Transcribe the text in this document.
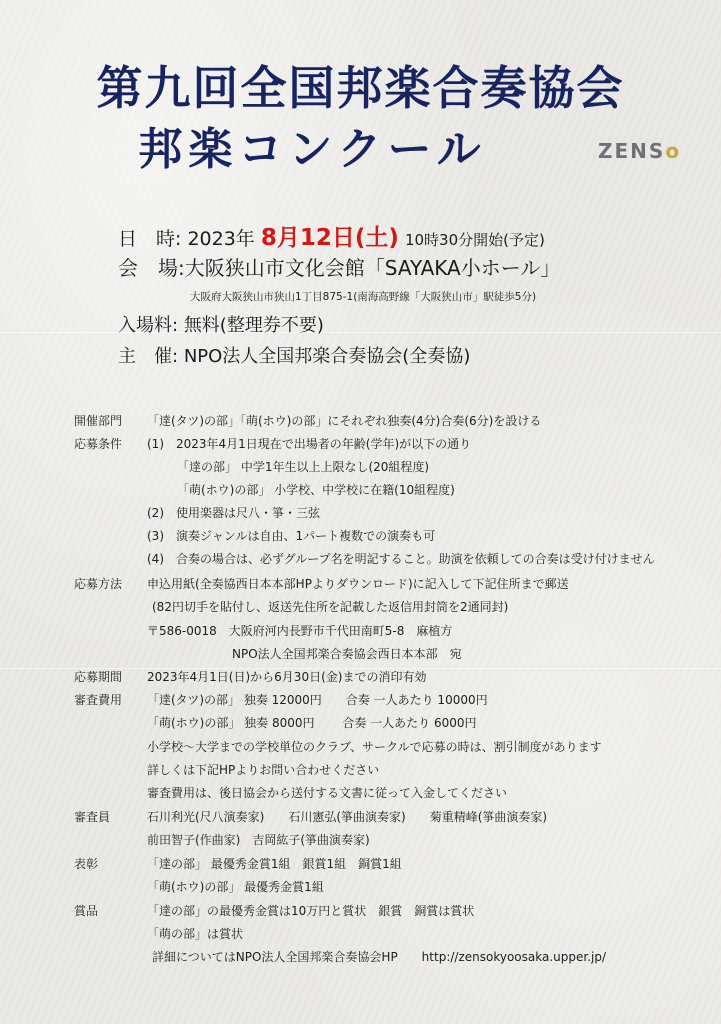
第九回全国邦楽合奏協会
邦楽コンクール	ZENSo
日　時: 2023年 8月12日(土) 10時30分開始(予定)
会　場:大阪狭山市文化会館「SAYAKA小ホール」
大阪府大阪狭山市狭山1丁目875-1(南海高野線「大阪狭山市」駅徒歩5分)
入場料: 無料(整理券不要)
主　催: NPO法人全国邦楽合奏協会(全奏協)
開催部門 「達(タツ)の部」「萌(ホウ)の部」にそれぞれ独奏(4分)合奏(6分)を設ける
応募条件 (1)　2023年4月1日現在で出場者の年齢(学年)が以下の通り
「達の部」 中学1年生以上上限なし(20組程度)
「萌(ホウ)の部」 小学校、中学校に在籍(10組程度)
(2)　使用楽器は尺八・箏・三弦
(3)　演奏ジャンルは自由、1パート複数での演奏も可
(4)　合奏の場合は、必ずグループ名を明記すること。助演を依頼しての合奏は受け付けません
応募方法 申込用紙(全奏協西日本本部HPよりダウンロード)に記入して下記住所まで郵送
(82円切手を貼付し、返送先住所を記載した返信用封筒を2通同封)
〒586-0018　大阪府河内長野市千代田南町5-8　麻植方
NPO法人全国邦楽合奏協会西日本本部　宛
応募期間 2023年4月1日(日)から6月30日(金)までの消印有効
審査費用 「達(タツ)の部」 独奏 12000円　　合奏 一人あたり 10000円
「萌(ホウ)の部」 独奏 8000円　　 合奏 一人あたり 6000円
小学校～大学までの学校単位のクラブ、サークルで応募の時は、割引制度があります
詳しくは下記HPよりお問い合わせください
審査費用は、後日協会から送付する文書に従って入金してください
審査員	石川利光(尺八演奏家)　　石川憲弘(箏曲演奏家)　　菊重精峰(箏曲演奏家)
前田智子(作曲家)　吉岡紘子(箏曲演奏家)
表彰	「達の部」 最優秀金賞1組　銀賞1組　銅賞1組
「萌(ホウ)の部」 最優秀金賞1組
賞品	「達の部」の最優秀金賞は10万円と賞状　銀賞　銅賞は賞状
「萌の部」は賞状
詳細についてはNPO法人全国邦楽合奏協会HP　　http://zensokyoosaka.upper.jp/
